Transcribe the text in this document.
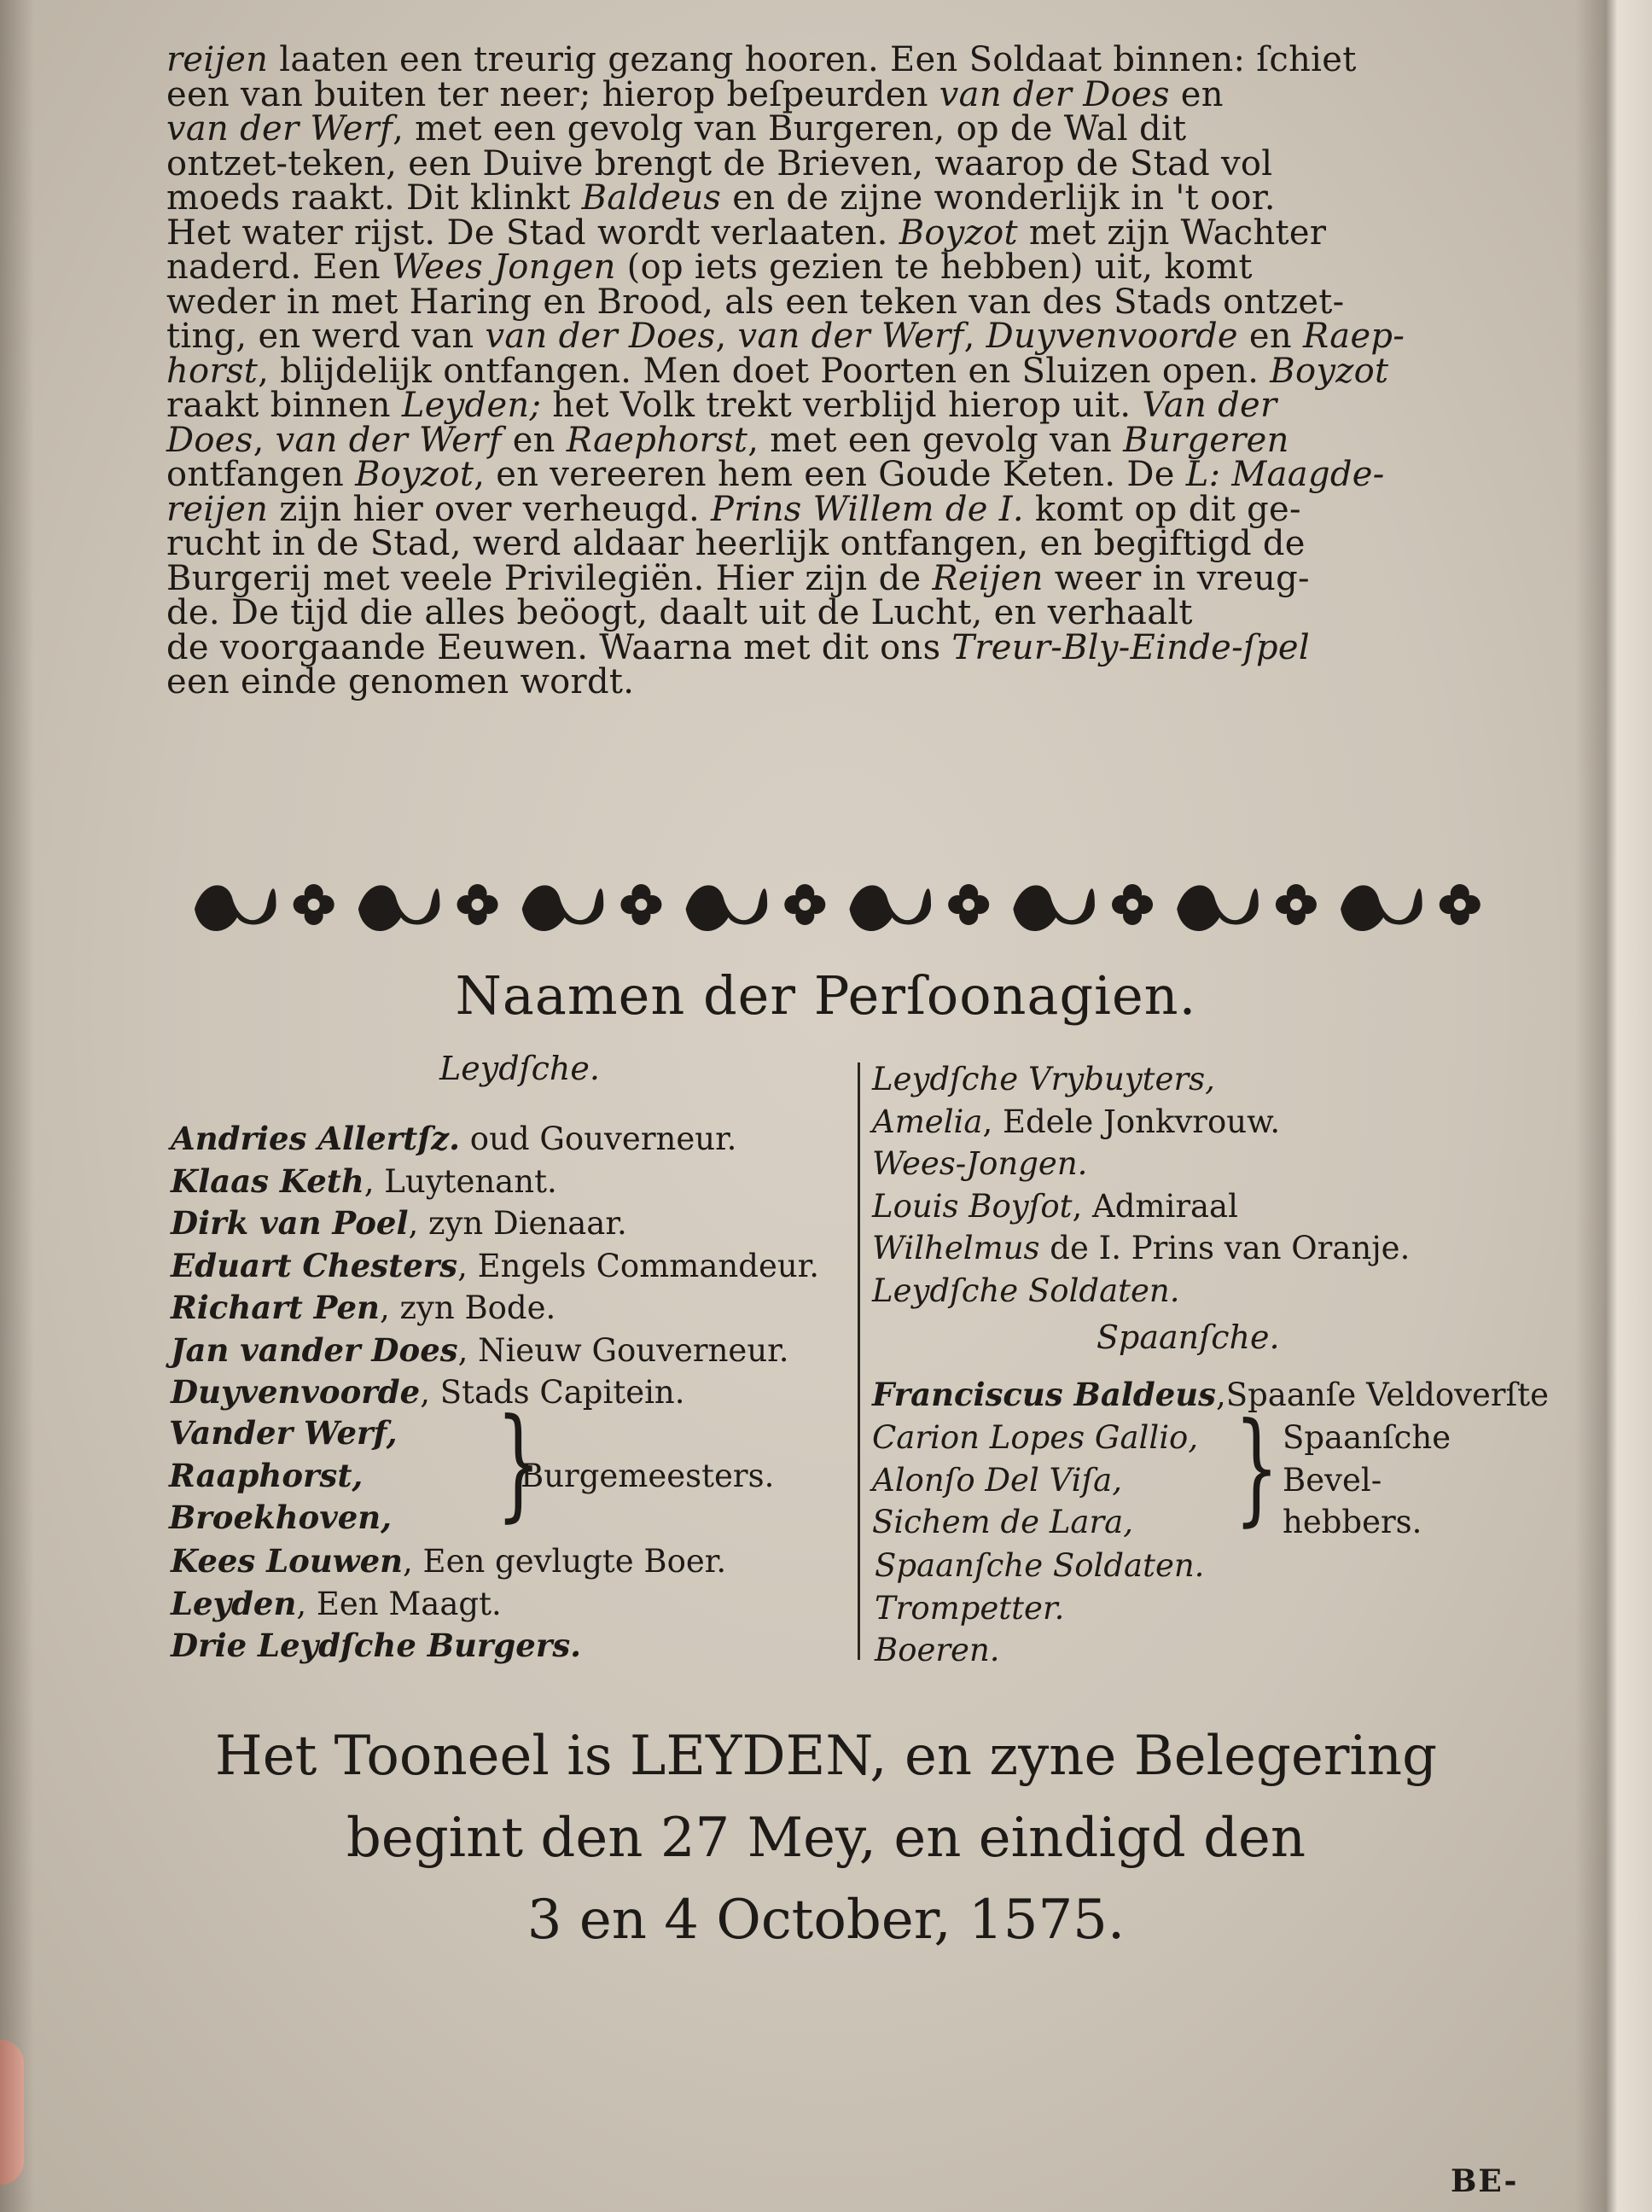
reijen laaten een treurig gezang hooren. Een Soldaat binnen: ſchiet

een van buiten ter neer; hierop beſpeurden van der Does en

van der Werf, met een gevolg van Burgeren, op de Wal dit

ontzet-teken, een Duive brengt de Brieven, waarop de Stad vol

moeds raakt. Dit klinkt Baldeus en de zijne wonderlijk in 't oor.

Het water rijst. De Stad wordt verlaaten. Boyzot met zijn Wachter

naderd. Een Wees Jongen (op iets gezien te hebben) uit, komt

weder in met Haring en Brood, als een teken van des Stads ontzet-

ting, en werd van van der Does, van der Werf, Duyvenvoorde en Raep-

horst, blijdelijk ontfangen. Men doet Poorten en Sluizen open. Boyzot

raakt binnen Leyden; het Volk trekt verblijd hierop uit. Van der

Does, van der Werf en Raephorst, met een gevolg van Burgeren

ontfangen Boyzot, en vereeren hem een Goude Keten. De L: Maagde-

reijen zijn hier over verheugd. Prins Willem de I. komt op dit ge-

rucht in de Stad, werd aldaar heerlijk ontfangen, en begiftigd de

Burgerij met veele Privilegiën. Hier zijn de Reijen weer in vreug-

de. De tijd die alles beöogt, daalt uit de Lucht, en verhaalt

de voorgaande Eeuwen. Waarna met dit ons Treur-Bly-Einde-ſpel

een einde genomen wordt.

Naamen der Perſoonagien.
Leydſche.
Andries Allertſz. oud Gouverneur.
Klaas Keth, Luytenant.
Dirk van Poel, zyn Dienaar.
Eduart Chesters, Engels Commandeur.
Richart Pen, zyn Bode.
Jan vander Does, Nieuw Gouverneur.
Duyvenvoorde, Stads Capitein.
Vander Werf,
Raaphorst,
Broekhoven, }
Burgemeesters.
Kees Louwen, Een gevlugte Boer.
Leyden, Een Maagt.
Drie Leydſche Burgers.
Leydſche Vrybuyters,
Amelia, Edele Jonkvrouw.
Wees-Jongen.
Louis Boyſot, Admiraal
Wilhelmus de I. Prins van Oranje.
Leydſche Soldaten.
Spaanſche.
Franciscus Baldeus,Spaanſe Veldoverſte
Carion Lopes Gallio,
Alonſo Del Viſa,
Sichem de Lara, } Spaanſche
Bevel-
hebbers.
Spaanſche Soldaten.
Trompetter.
Boeren.
Het Tooneel is LEYDEN, en zyne Belegering
begint den 27 Mey, en eindigd den
3 en 4 October, 1575.
BE-
